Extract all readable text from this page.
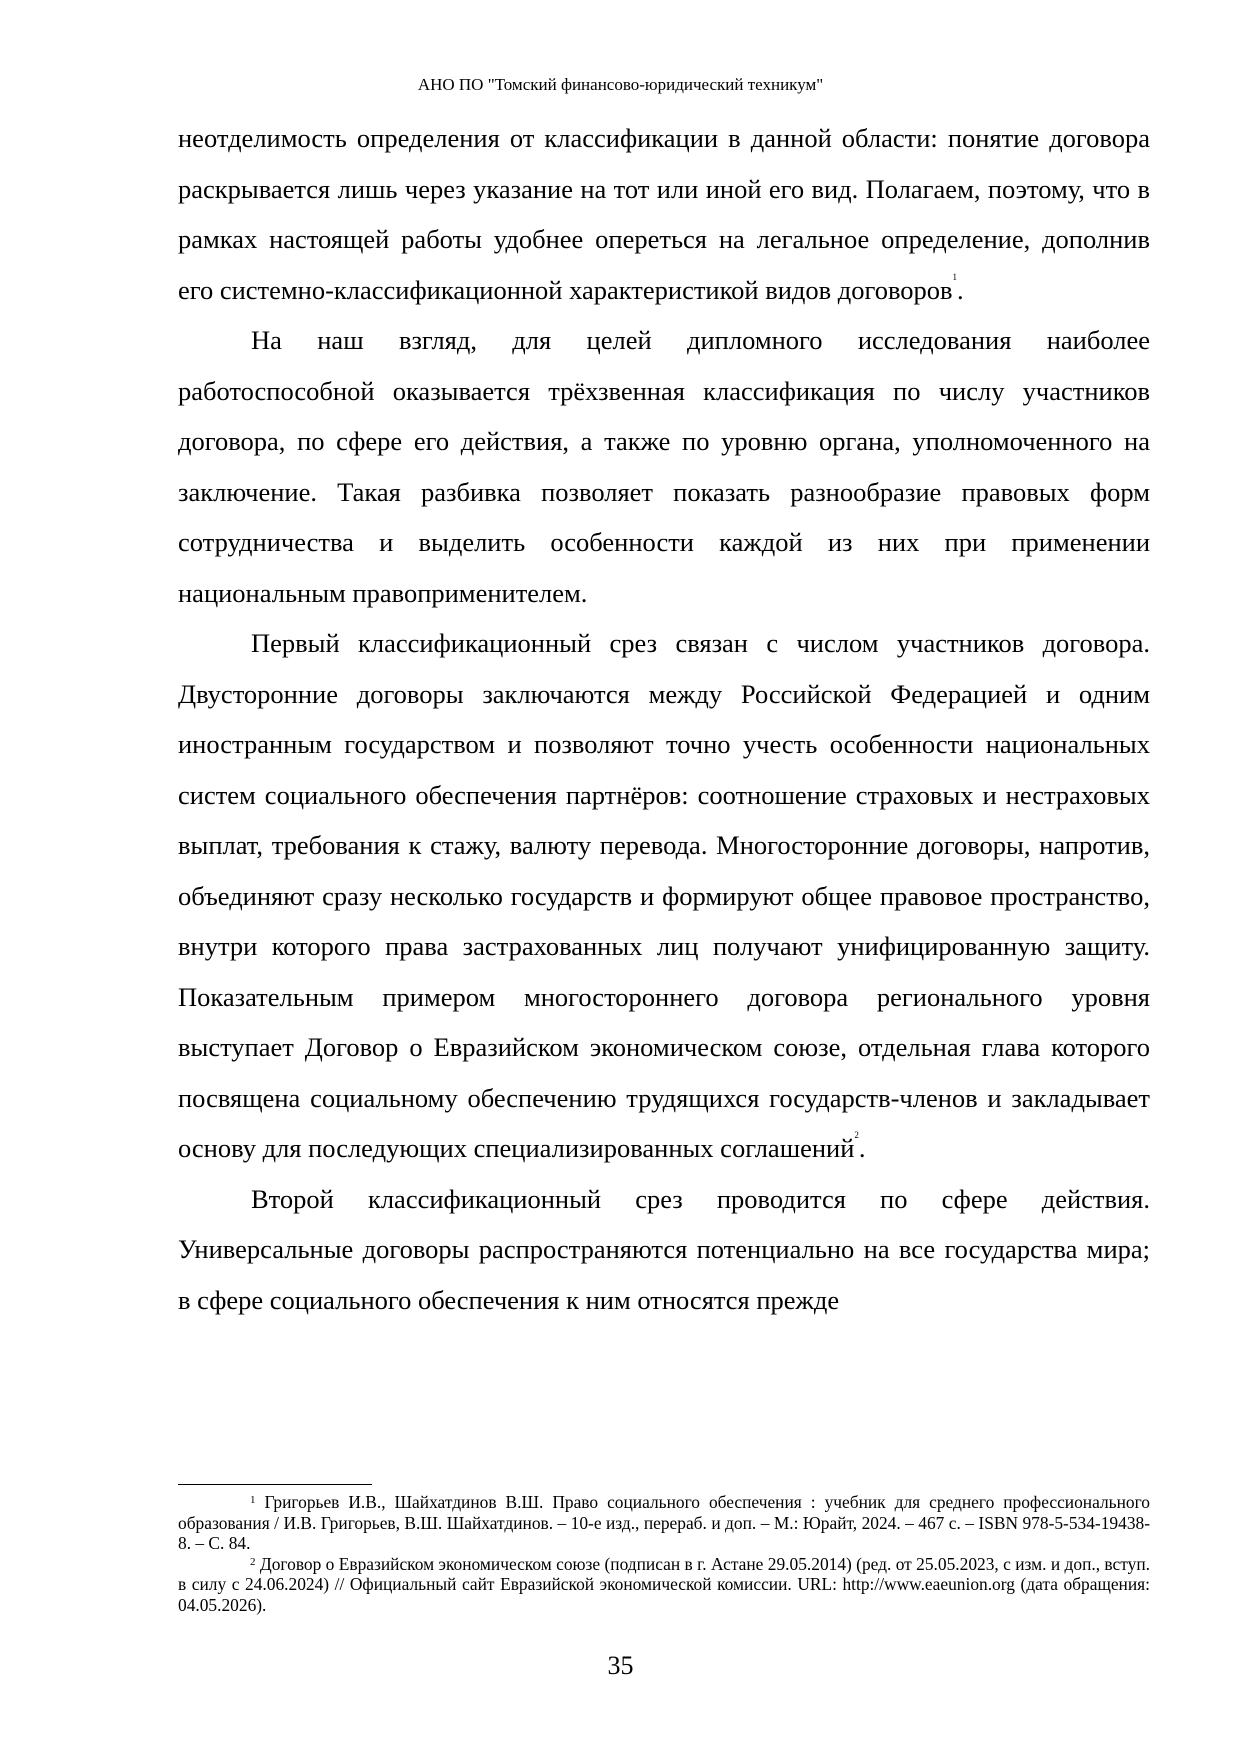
АНО ПО "Томский финансово-юридический техникум"

неотделимость определения от классификации в данной области: понятие договора раскрывается лишь через указание на тот или иной его вид. Полагаем, поэтому, что в рамках настоящей работы удобнее опереться на легальное определение, дополнив его системно-классификационной характеристикой видов договоров$^1$.

На наш взгляд, для целей дипломного исследования наиболее работоспособной оказывается трёхзвенная классификация по числу участников договора, по сфере его действия, а также по уровню органа, уполномоченного на заключение. Такая разбивка позволяет показать разнообразие правовых форм сотрудничества и выделить особенности каждой из них при применении национальным правоприменителем.

Первый классификационный срез связан с числом участников договора. Двусторонние договоры заключаются между Российской Федерацией и одним иностранным государством и позволяют точно учесть особенности национальных систем социального обеспечения партнёров: соотношение страховых и нестраховых выплат, требования к стажу, валюту перевода. Многосторонние договоры, напротив, объединяют сразу несколько государств и формируют общее правовое пространство, внутри которого права застрахованных лиц получают унифицированную защиту. Показательным примером многостороннего договора регионального уровня выступает Договор о Евразийском экономическом союзе, отдельная глава которого посвящена социальному обеспечению трудящихся государств-членов и закладывает основу для последующих специализированных соглашений$^2$.

Второй классификационный срез проводится по сфере действия. Универсальные договоры распространяются потенциально на все государства мира; в сфере социального обеспечения к ним относятся прежде

$^1$ Григорьев И.В., Шайхатдинов В.Ш. Право социального обеспечения : учебник для среднего профессионального образования / И.В. Григорьев, В.Ш. Шайхатдинов. – 10-е изд., перераб. и доп. – М.: Юрайт, 2024. – 467 с. – ISBN 978-5-534-19438-8. – С. 84.

$^2$ Договор о Евразийском экономическом союзе (подписан в г. Астане 29.05.2014) (ред. от 25.05.2023, с изм. и доп., вступ. в силу с 24.06.2024) // Официальный сайт Евразийской экономической комиссии. URL: http://www.eaeunion.org (дата обращения: 04.05.2026).

35
